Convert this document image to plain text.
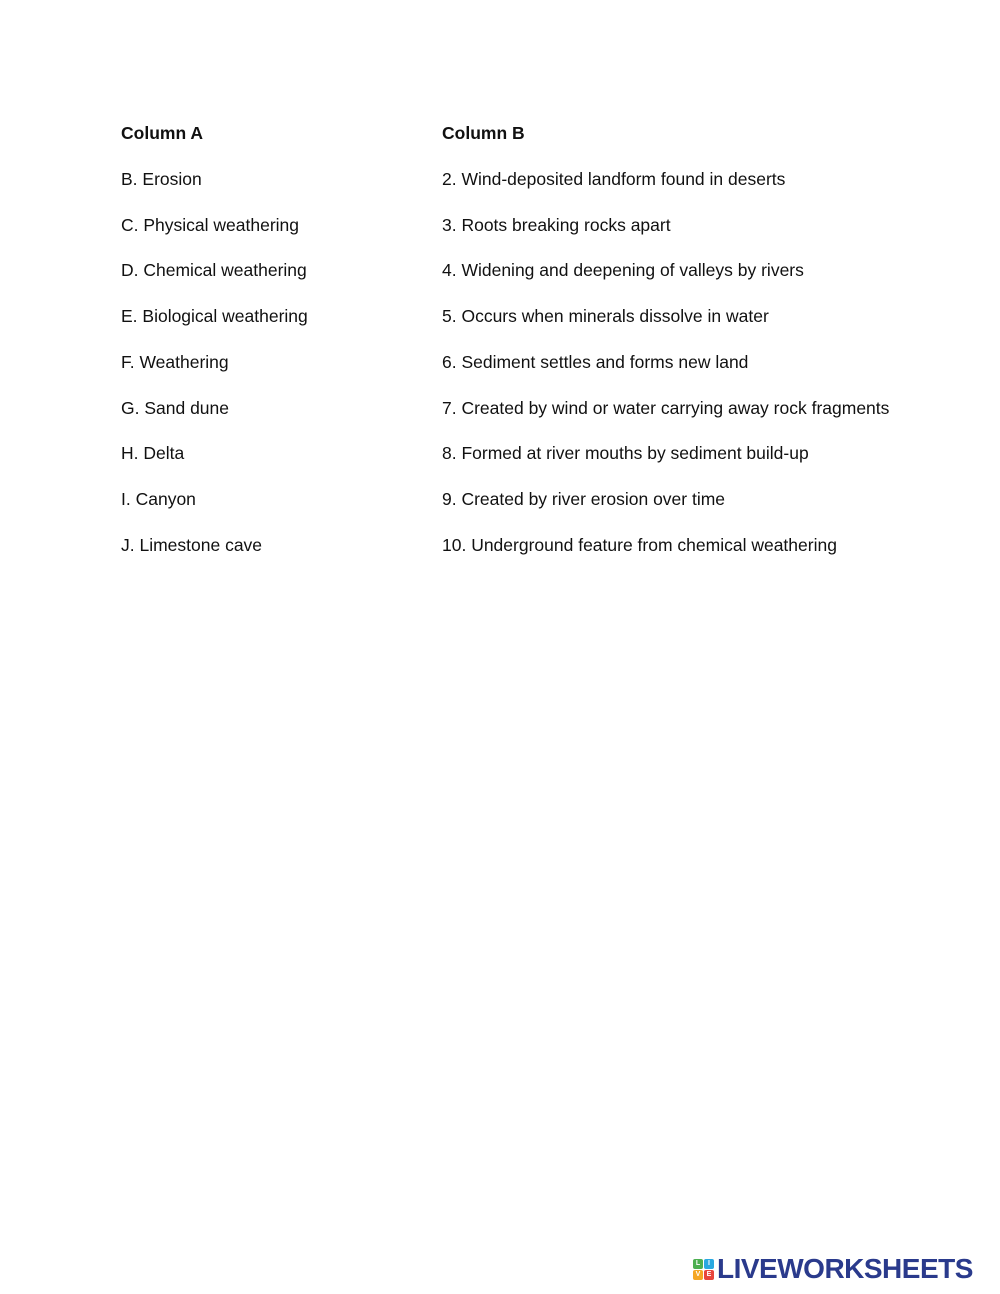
Column A
B. Erosion
C. Physical weathering
D. Chemical weathering
E. Biological weathering
F. Weathering
G. Sand dune
H. Delta
I. Canyon
J. Limestone cave
Column B
2. Wind-deposited landform found in deserts
3. Roots breaking rocks apart
4. Widening and deepening of valleys by rivers
5. Occurs when minerals dissolve in water
6. Sediment settles and forms new land
7. Created by wind or water carrying away rock fragments
8. Formed at river mouths by sediment build-up
9. Created by river erosion over time
10. Underground feature from chemical weathering
L	I
V E LIVEWORKSHEETS
